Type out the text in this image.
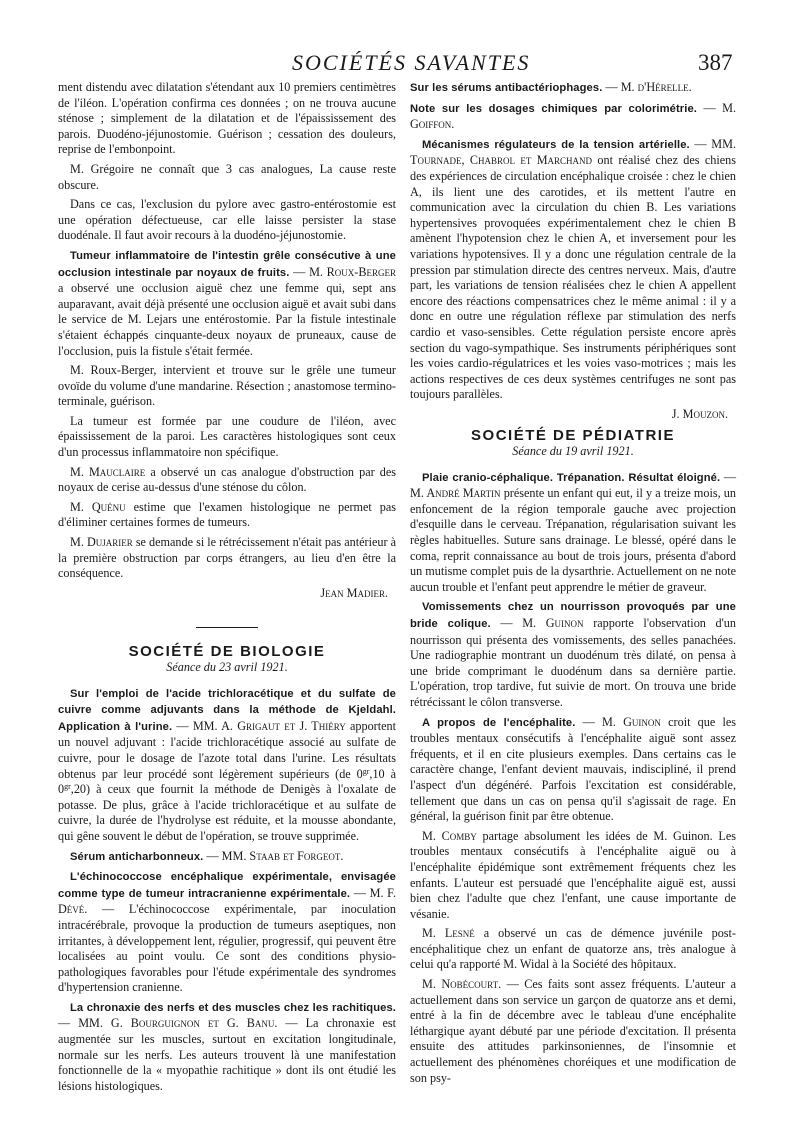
SOCIÉTÉS SAVANTES	387

ment distendu avec dilatation s'étendant aux 10 premiers centimètres de l'iléon. L'opération confirma ces données ; on ne trouva aucune sténose ; simplement de la dilatation et de l'épaississement des parois. Duodéno-jéjunostomie. Guérison ; cessation des douleurs, reprise de l'embonpoint.

M. Grégoire ne connaît que 3 cas analogues, La cause reste obscure.

Dans ce cas, l'exclusion du pylore avec gastro-entérostomie est une opération défectueuse, car elle laisse persister la stase duodénale. Il faut avoir recours à la duodéno-jéjunostomie.

Tumeur inflammatoire de l'intestin grêle consécutive à une occlusion intestinale par noyaux de fruits. — M. Roux-Berger a observé une occlusion aiguë chez une femme qui, sept ans auparavant, avait déjà présenté une occlusion aiguë et avait subi dans le service de M. Lejars une entérostomie. Par la fistule intestinale s'étaient échappés cinquante-deux noyaux de pruneaux, cause de l'occlusion, puis la fistule s'était fermée.

M. Roux-Berger, intervient et trouve sur le grêle une tumeur ovoïde du volume d'une mandarine. Résection ; anastomose termino-terminale, guérison.

La tumeur est formée par une coudure de l'iléon, avec épaississement de la paroi. Les caractères histologiques sont ceux d'un processus inflammatoire non spécifique.

M. Mauclaire a observé un cas analogue d'obstruction par des noyaux de cerise au-dessus d'une sténose du côlon.

M. Quénu estime que l'examen histologique ne permet pas d'éliminer certaines formes de tumeurs.

M. Dujarier se demande si le rétrécissement n'était pas antérieur à la première obstruction par corps étrangers, au lieu d'en être la conséquence.

Jean Madier.
SOCIÉTÉ DE BIOLOGIE
Séance du 23 avril 1921.

Sur l'emploi de l'acide trichloracétique et du sulfate de cuivre comme adjuvants dans la méthode de Kjeldahl. Application à l'urine. — MM. A. Grigaut et J. Thiéry apportent un nouvel adjuvant : l'acide trichloracétique associé au sulfate de cuivre, pour le dosage de l'azote total dans l'urine. Les résultats obtenus par leur procédé sont légèrement supérieurs (de $0^{gr},10$ à $0^{gr},20$) à ceux que fournit la méthode de Denigès à l'oxalate de potasse. De plus, grâce à l'acide trichloracétique et au sulfate de cuivre, la durée de l'hydrolyse est réduite, et la mousse abondante, qui gêne souvent le début de l'opération, se trouve supprimée.

Sérum anticharbonneux. — MM. Staab et Forgeot.

L'échinococcose encéphalique expérimentale, envisagée comme type de tumeur intracranienne expérimentale. — M. F. Dévé. — L'échinococcose expérimentale, par inoculation intracérébrale, provoque la production de tumeurs aseptiques, non irritantes, à développement lent, régulier, progressif, qui peuvent être localisées au point voulu. Ce sont des conditions physio-pathologiques favorables pour l'étude expérimentale des syndromes d'hypertension cranienne.

La chronaxie des nerfs et des muscles chez les rachitiques. — MM. G. Bourguignon et G. Banu. — La chronaxie est augmentée sur les muscles, surtout en excitation longitudinale, normale sur les nerfs. Les auteurs trouvent là une manifestation fonctionnelle de la « myopathie rachitique » dont ils ont étudié les lésions histologiques.

Sur les sérums antibactériophages. — M. d'Hérelle.

Note sur les dosages chimiques par colorimétrie. — M. Goiffon.

Mécanismes régulateurs de la tension artérielle. — MM. Tournade, Chabrol et Marchand ont réalisé chez des chiens des expériences de circulation encéphalique croisée : chez le chien A, ils lient une des carotides, et ils mettent l'autre en communication avec la circulation du chien B. Les variations hypertensives provoquées expérimentalement chez le chien B amènent l'hypotension chez le chien A, et inversement pour les variations hypotensives. Il y a donc une régulation centrale de la pression par stimulation directe des centres nerveux. Mais, d'autre part, les variations de tension réalisées chez le chien A appellent encore des réactions compensatrices chez le même animal : il y a donc en outre une régulation réflexe par stimulation des nerfs cardio et vaso-sensibles. Cette régulation persiste encore après section du vago-sympathique. Ses instruments périphériques sont les voies cardio-régulatrices et les voies vaso-motrices ; mais les actions respectives de ces deux systèmes centrifuges ne sont pas toujours parallèles.

J. Mouzon.
SOCIÉTÉ DE PÉDIATRIE
Séance du 19 avril 1921.

Plaie cranio-céphalique. Trépanation. Résultat éloigné. — M. André Martin présente un enfant qui eut, il y a treize mois, un enfoncement de la région temporale gauche avec projection d'esquille dans le cerveau. Trépanation, régularisation suivant les règles habituelles. Suture sans drainage. Le blessé, opéré dans le coma, reprit connaissance au bout de trois jours, présenta d'abord un mutisme complet puis de la dysarthrie. Actuellement on ne note aucun trouble et l'enfant peut apprendre le métier de graveur.

Vomissements chez un nourrisson provoqués par une bride colique. — M. Guinon rapporte l'observation d'un nourrisson qui présenta des vomissements, des selles panachées. Une radiographie montrant un duodénum très dilaté, on pensa à une bride comprimant le duodénum dans sa dernière partie. L'opération, trop tardive, fut suivie de mort. On trouva une bride rétrécissant le côlon transverse.

A propos de l'encéphalite. — M. Guinon croit que les troubles mentaux consécutifs à l'encéphalite aiguë sont assez fréquents, et il en cite plusieurs exemples. Dans certains cas le caractère change, l'enfant devient mauvais, indiscipliné, il prend l'aspect d'un dégénéré. Parfois l'excitation est considérable, tellement que dans un cas on pensa qu'il s'agissait de rage. En général, la guérison finit par être obtenue.

M. Comby partage absolument les idées de M. Guinon. Les troubles mentaux consécutifs à l'encéphalite aiguë ou à l'encéphalite épidémique sont extrêmement fréquents chez les enfants. L'auteur est persuadé que l'encéphalite aiguë est, aussi bien chez l'adulte que chez l'enfant, une cause importante de vésanie.

M. Lesné a observé un cas de démence juvénile post-encéphalitique chez un enfant de quatorze ans, très analogue à celui qu'a rapporté M. Widal à la Société des hôpitaux.

M. Nobécourt. — Ces faits sont assez fréquents. L'auteur a actuellement dans son service un garçon de quatorze ans et demi, entré à la fin de décembre avec le tableau d'une encéphalite léthargique ayant débuté par une période d'excitation. Il présenta ensuite des attitudes parkinsoniennes, de l'insomnie et actuellement des phénomènes choréiques et une modification de son psy-
